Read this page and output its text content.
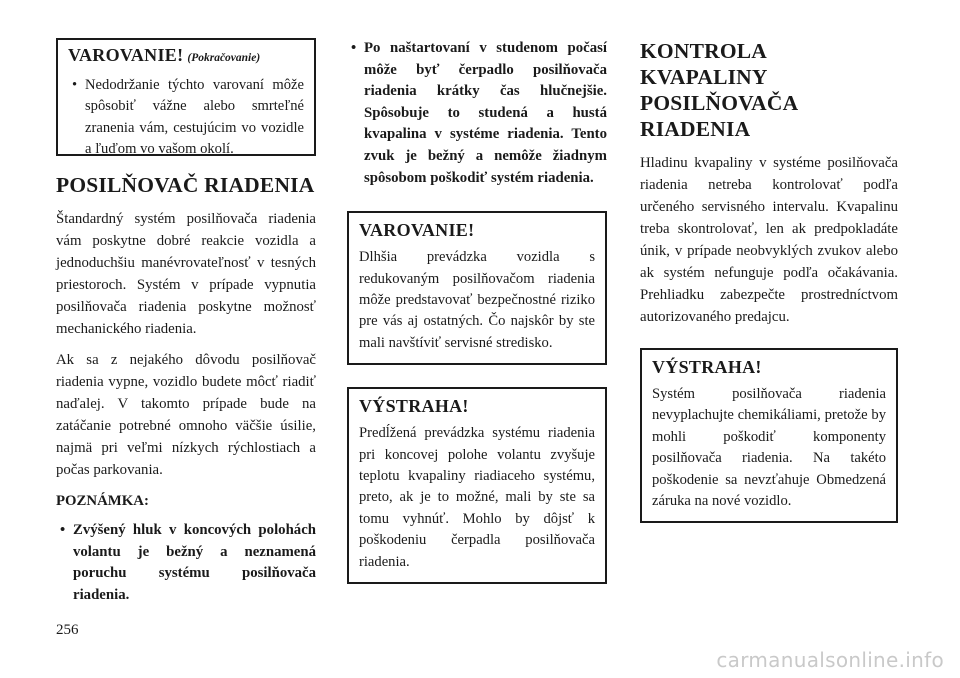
VAROVANIE! (Pokračovanie)
• Nedodržanie týchto varovaní môže spôsobiť vážne alebo smrteľné zranenia vám, cestujúcim vo vozidle a ľuďom vo vašom okolí.
POSILŇOVAČ RIADENIA

Štandardný systém posilňovača riadenia vám poskytne dobré reakcie vozidla a jednoduchšiu manévrovateľnosť v tesných priestoroch. Systém v prípade vypnutia posilňovača riadenia poskytne možnosť mechanického riadenia.

Ak sa z nejakého dôvodu posilňovač riadenia vypne, vozidlo budete môcť riadiť naďalej. V takomto prípade bude na zatáčanie potrebné omnoho väčšie úsilie, najmä pri veľmi nízkych rýchlostiach a počas parkovania.

POZNÁMKA:

• Zvýšený hluk v koncových polohách volantu je bežný a neznamená poruchu systému posilňovača riadenia.
• Po naštartovaní v studenom počasí môže byť čerpadlo posilňovača riadenia krátky čas hlučnejšie. Spôsobuje to studená a hustá kvapalina v systéme riadenia. Tento zvuk je bežný a nemôže žiadnym spôsobom poškodiť systém riadenia.
VAROVANIE!

Dlhšia prevádzka vozidla s redukovaným posilňovačom riadenia môže predstavovať bezpečnostné riziko pre vás aj ostatných. Čo najskôr by ste mali navštíviť servisné stredisko.

VÝSTRAHA!

Predĺžená prevádzka systému riadenia pri koncovej polohe volantu zvyšuje teplotu kvapaliny riadiaceho systému, preto, ak je to možné, mali by ste sa tomu vyhnúť. Mohlo by dôjsť k poškodeniu čerpadla posilňovača riadenia.

KONTROLA KVAPALINY POSILŇOVAČA RIADENIA

Hladinu kvapaliny v systéme posilňovača riadenia netreba kontrolovať podľa určeného servisného intervalu. Kvapalinu treba skontrolovať, len ak predpokladáte únik, v prípade neobvyklých zvukov alebo ak systém nefunguje podľa očakávania. Prehliadku zabezpečte prostredníctvom autorizovaného predajcu.

VÝSTRAHA!

Systém posilňovača riadenia nevyplachujte chemikáliami, pretože by mohli poškodiť komponenty posilňovača riadenia. Na takéto poškodenie sa nevzťahuje Obmedzená záruka na nové vozidlo.

256
carmanualsonline.info
